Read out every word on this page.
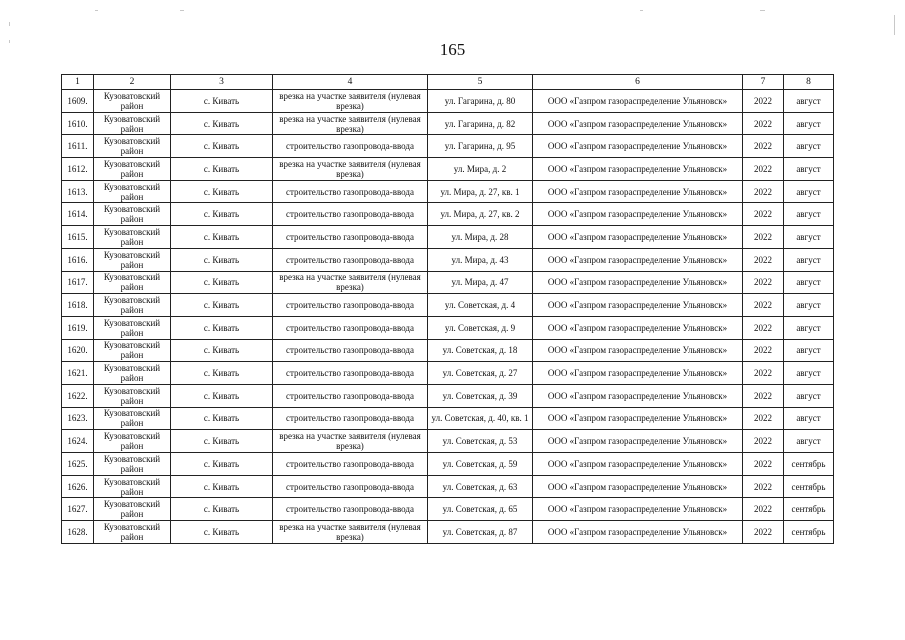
165
1	2	3	4	5	6	7	8
1609.	Кузоватовский район	с. Кивать	врезка на участке заявителя (нулевая врезка)	ул. Гагарина, д. 80	ООО «Газпром газораспределение Ульяновск»	2022	август
1610.	Кузоватовский район	с. Кивать	врезка на участке заявителя (нулевая врезка)	ул. Гагарина, д. 82	ООО «Газпром газораспределение Ульяновск»	2022	август
1611.	Кузоватовский район	с. Кивать	строительство газопровода-ввода	ул. Гагарина, д. 95	ООО «Газпром газораспределение Ульяновск»	2022	август
1612.	Кузоватовский район	с. Кивать	врезка на участке заявителя (нулевая врезка)	ул. Мира, д. 2	ООО «Газпром газораспределение Ульяновск»	2022	август
1613.	Кузоватовский район	с. Кивать	строительство газопровода-ввода	ул. Мира, д. 27, кв. 1	ООО «Газпром газораспределение Ульяновск»	2022	август
1614.	Кузоватовский район	с. Кивать	строительство газопровода-ввода	ул. Мира, д. 27, кв. 2	ООО «Газпром газораспределение Ульяновск»	2022	август
1615.	Кузоватовский район	с. Кивать	строительство газопровода-ввода	ул. Мира, д. 28	ООО «Газпром газораспределение Ульяновск»	2022	август
1616.	Кузоватовский район	с. Кивать	строительство газопровода-ввода	ул. Мира, д. 43	ООО «Газпром газораспределение Ульяновск»	2022	август
1617.	Кузоватовский район	с. Кивать	врезка на участке заявителя (нулевая врезка)	ул. Мира, д. 47	ООО «Газпром газораспределение Ульяновск»	2022	август
1618.	Кузоватовский район	с. Кивать	строительство газопровода-ввода	ул. Советская, д. 4	ООО «Газпром газораспределение Ульяновск»	2022	август
1619.	Кузоватовский район	с. Кивать	строительство газопровода-ввода	ул. Советская, д. 9	ООО «Газпром газораспределение Ульяновск»	2022	август
1620.	Кузоватовский район	с. Кивать	строительство газопровода-ввода	ул. Советская, д. 18	ООО «Газпром газораспределение Ульяновск»	2022	август
1621.	Кузоватовский район	с. Кивать	строительство газопровода-ввода	ул. Советская, д. 27	ООО «Газпром газораспределение Ульяновск»	2022	август
1622.	Кузоватовский район	с. Кивать	строительство газопровода-ввода	ул. Советская, д. 39	ООО «Газпром газораспределение Ульяновск»	2022	август
1623.	Кузоватовский район	с. Кивать	строительство газопровода-ввода	ул. Советская, д. 40, кв. 1	ООО «Газпром газораспределение Ульяновск»	2022	август
1624.	Кузоватовский район	с. Кивать	врезка на участке заявителя (нулевая врезка)	ул. Советская, д. 53	ООО «Газпром газораспределение Ульяновск»	2022	август
1625.	Кузоватовский район	с. Кивать	строительство газопровода-ввода	ул. Советская, д. 59	ООО «Газпром газораспределение Ульяновск»	2022	сентябрь
1626.	Кузоватовский район	с. Кивать	строительство газопровода-ввода	ул. Советская, д. 63	ООО «Газпром газораспределение Ульяновск»	2022	сентябрь
1627.	Кузоватовский район	с. Кивать	строительство газопровода-ввода	ул. Советская, д. 65	ООО «Газпром газораспределение Ульяновск»	2022	сентябрь
1628.	Кузоватовский район	с. Кивать	врезка на участке заявителя (нулевая врезка)	ул. Советская, д. 87	ООО «Газпром газораспределение Ульяновск»	2022	сентябрь
